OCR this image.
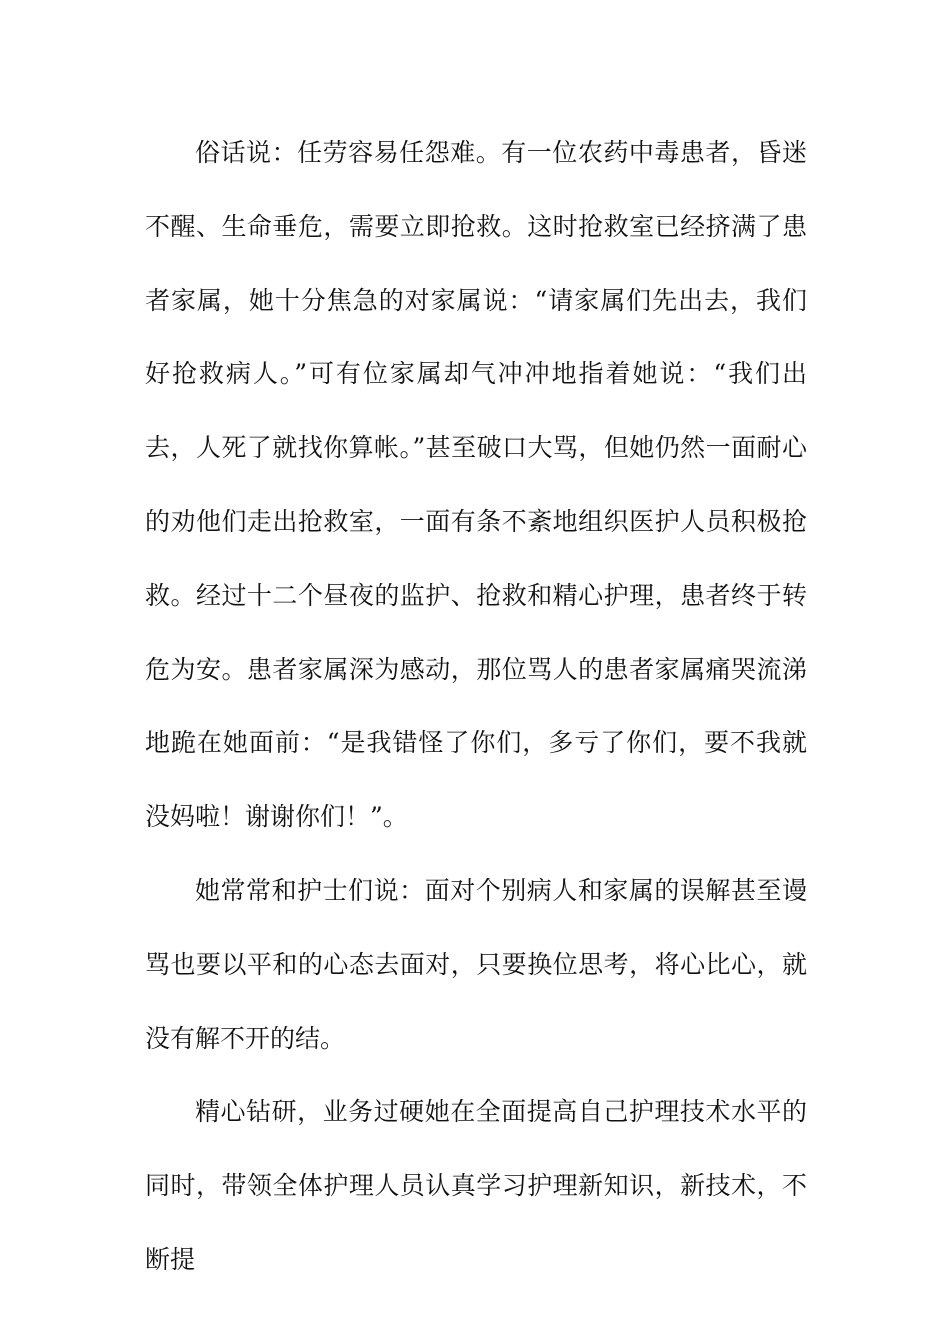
俗话说：任劳容易任怨难。有一位农药中毒患者，昏迷不醒、生命垂危，需要立即抢救。这时抢救室已经挤满了患者家属，她十分焦急的对家属说：“请家属们先出去，我们好抢救病人。”可有位家属却气冲冲地指着她说：“我们出去，人死了就找你算帐。”甚至破口大骂，但她仍然一面耐心的劝他们走出抢救室，一面有条不紊地组织医护人员积极抢救。经过十二个昼夜的监护、抢救和精心护理，患者终于转危为安。患者家属深为感动，那位骂人的患者家属痛哭流涕地跪在她面前：“是我错怪了你们，多亏了你们，要不我就没妈啦！谢谢你们！”。

她常常和护士们说：面对个别病人和家属的误解甚至谩骂也要以平和的心态去面对，只要换位思考，将心比心，就没有解不开的结。

精心钻研，业务过硬她在全面提高自己护理技术水平的同时，带领全体护理人员认真学习护理新知识，新技术，不断提
